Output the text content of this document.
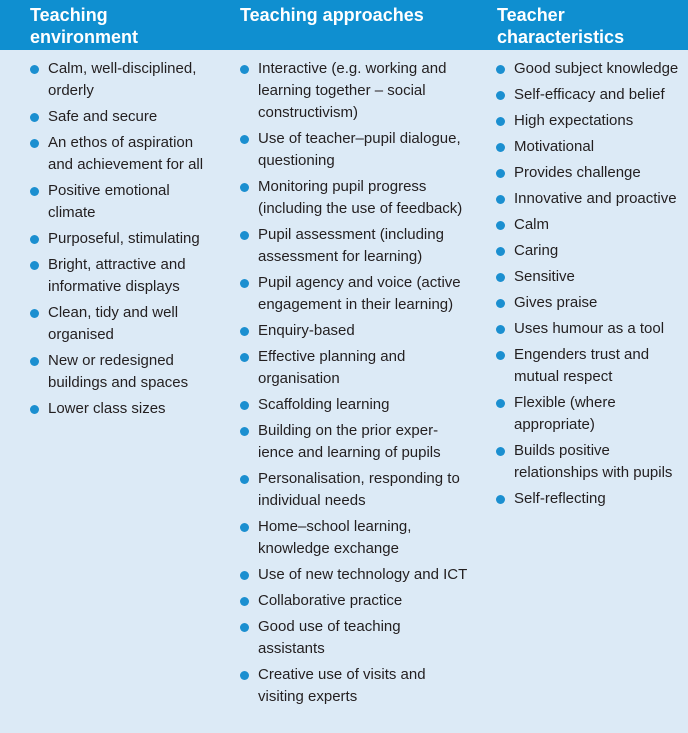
Teaching
environment

Teaching approaches	Teacher
characteristics

Calm, well-disciplined, orderly
Safe and secure
An ethos of aspiration and achievement for all
Positive emotional climate
Purposeful, stimulating
Bright, attractive and informative displays
Clean, tidy and well organised
New or redesigned buildings and spaces
Lower class sizes
Interactive (e.g. working and learning together – social constructivism)
Use of teacher–pupil dialogue, questioning
Monitoring pupil progress (including the use of feedback)
Pupil assessment (including assessment for learning)
Pupil agency and voice (active engagement in their learning)
Enquiry-based
Effective planning and organisation
Scaffolding learning
Building on the prior exper-ience and learning of pupils
Personalisation, responding to individual needs
Home–school learning, knowledge exchange
Use of new technology and ICT
Collaborative practice
Good use of teaching assistants
Creative use of visits and visiting experts
Good subject knowledge
Self-efficacy and belief
High expectations
Motivational
Provides challenge
Innovative and proactive
Calm
Caring
Sensitive
Gives praise
Uses humour as a tool
Engenders trust and mutual respect
Flexible (where appropriate)
Builds positive relationships with pupils
Self-reflecting
